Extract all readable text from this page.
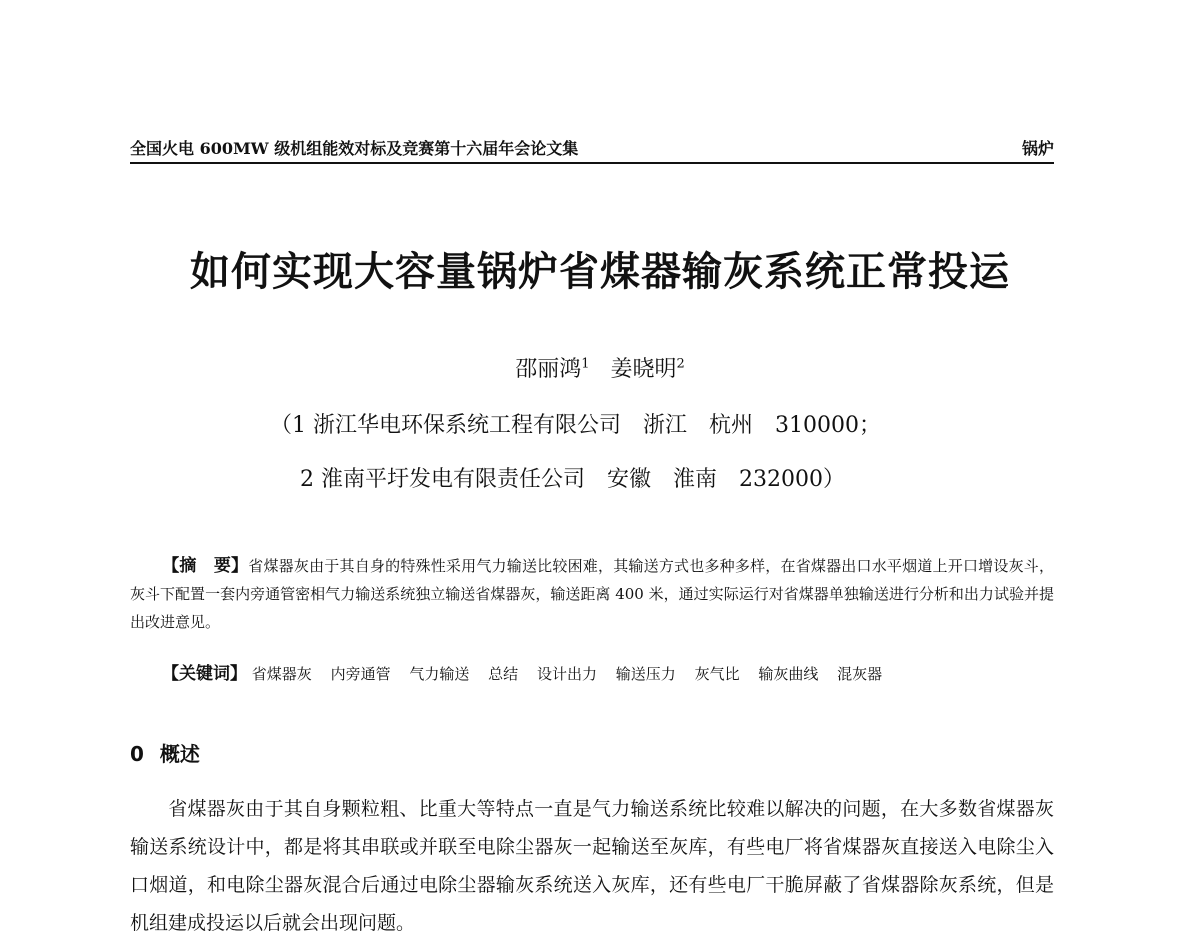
全国火电 600MW 级机组能效对标及竞赛第十六届年会论文集	锅炉
如何实现大容量锅炉省煤器输灰系统正常投运
邵丽鸿$^1$ 姜晓明$^2$
（1 浙江华电环保系统工程有限公司　浙江　杭州　310000；
2 淮南平圩发电有限责任公司　安徽　淮南　232000）
【摘　要】省煤器灰由于其自身的特殊性采用气力输送比较困难，其输送方式也多种多样，在省煤器出口水平烟道上开口增设灰斗，灰斗下配置一套内旁通管密相气力输送系统独立输送省煤器灰，输送距离 400 米，通过实际运行对省煤器单独输送进行分析和出力试验并提出改进意见。
【关键词】 省煤器灰 内旁通管 气力输送 总结 设计出力 输送压力 灰气比 输灰曲线 混灰器
0 概述
省煤器灰由于其自身颗粒粗、比重大等特点一直是气力输送系统比较难以解决的问题，在大多数省煤器灰输送系统设计中，都是将其串联或并联至电除尘器灰一起输送至灰库，有些电厂将省煤器灰直接送入电除尘入口烟道，和电除尘器灰混合后通过电除尘器输灰系统送入灰库，还有些电厂干脆屏蔽了省煤器除灰系统，但是机组建成投运以后就会出现问题。
